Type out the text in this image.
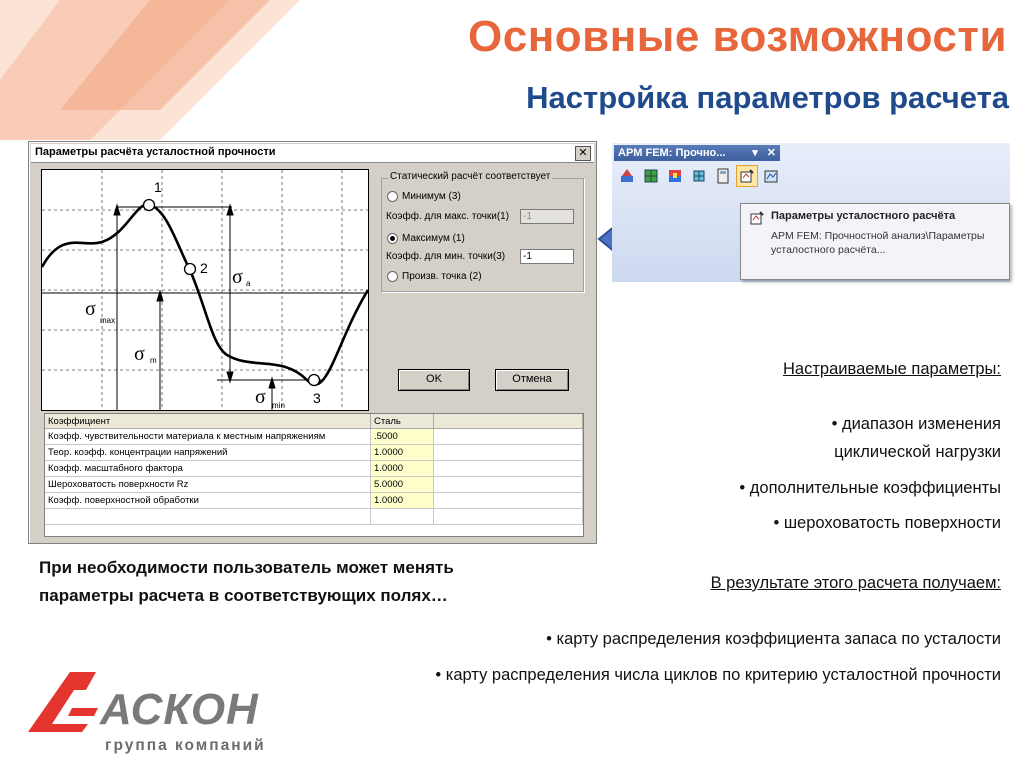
Основные возможности
Настройка параметров расчета
Параметры расчёта усталостной прочности	✕
1
2
3
σ a
σ
max
σ m
σ min
Статический расчёт соответствует
Минимум (3)
Коэфф. для макс. точки(1)
-1
Максимум (1)
Коэфф. для мин. точки(3)
-1
Произв. точка (2)
OK	Отмена
Коэффициент	Сталь	
Коэфф. чувствительности материала к местным напряжениям	.5000	
Теор. коэфф. концентрации напряжений	1.0000	
Коэфф. масштабного фактора	1.0000	
Шероховатость поверхности Rz	5.0000	
Коэфф. поверхностной обработки	1.0000	

APM FEM: Прочно... ▾ ✕
Параметры усталостного расчёта
APM FEM: Прочностной анализ\Параметры усталостного расчёта...
Настраиваемые параметры:
• диапазон изменения
циклической нагрузки
• дополнительные коэффициенты
• шероховатость поверхности
В результате этого расчета получаем:
• карту распределения коэффициента запаса по усталости
• карту распределения числа циклов по критерию усталостной прочности
При необходимости пользователь может менять
параметры расчета в соответствующих полях…
АСКОН
группа компаний
